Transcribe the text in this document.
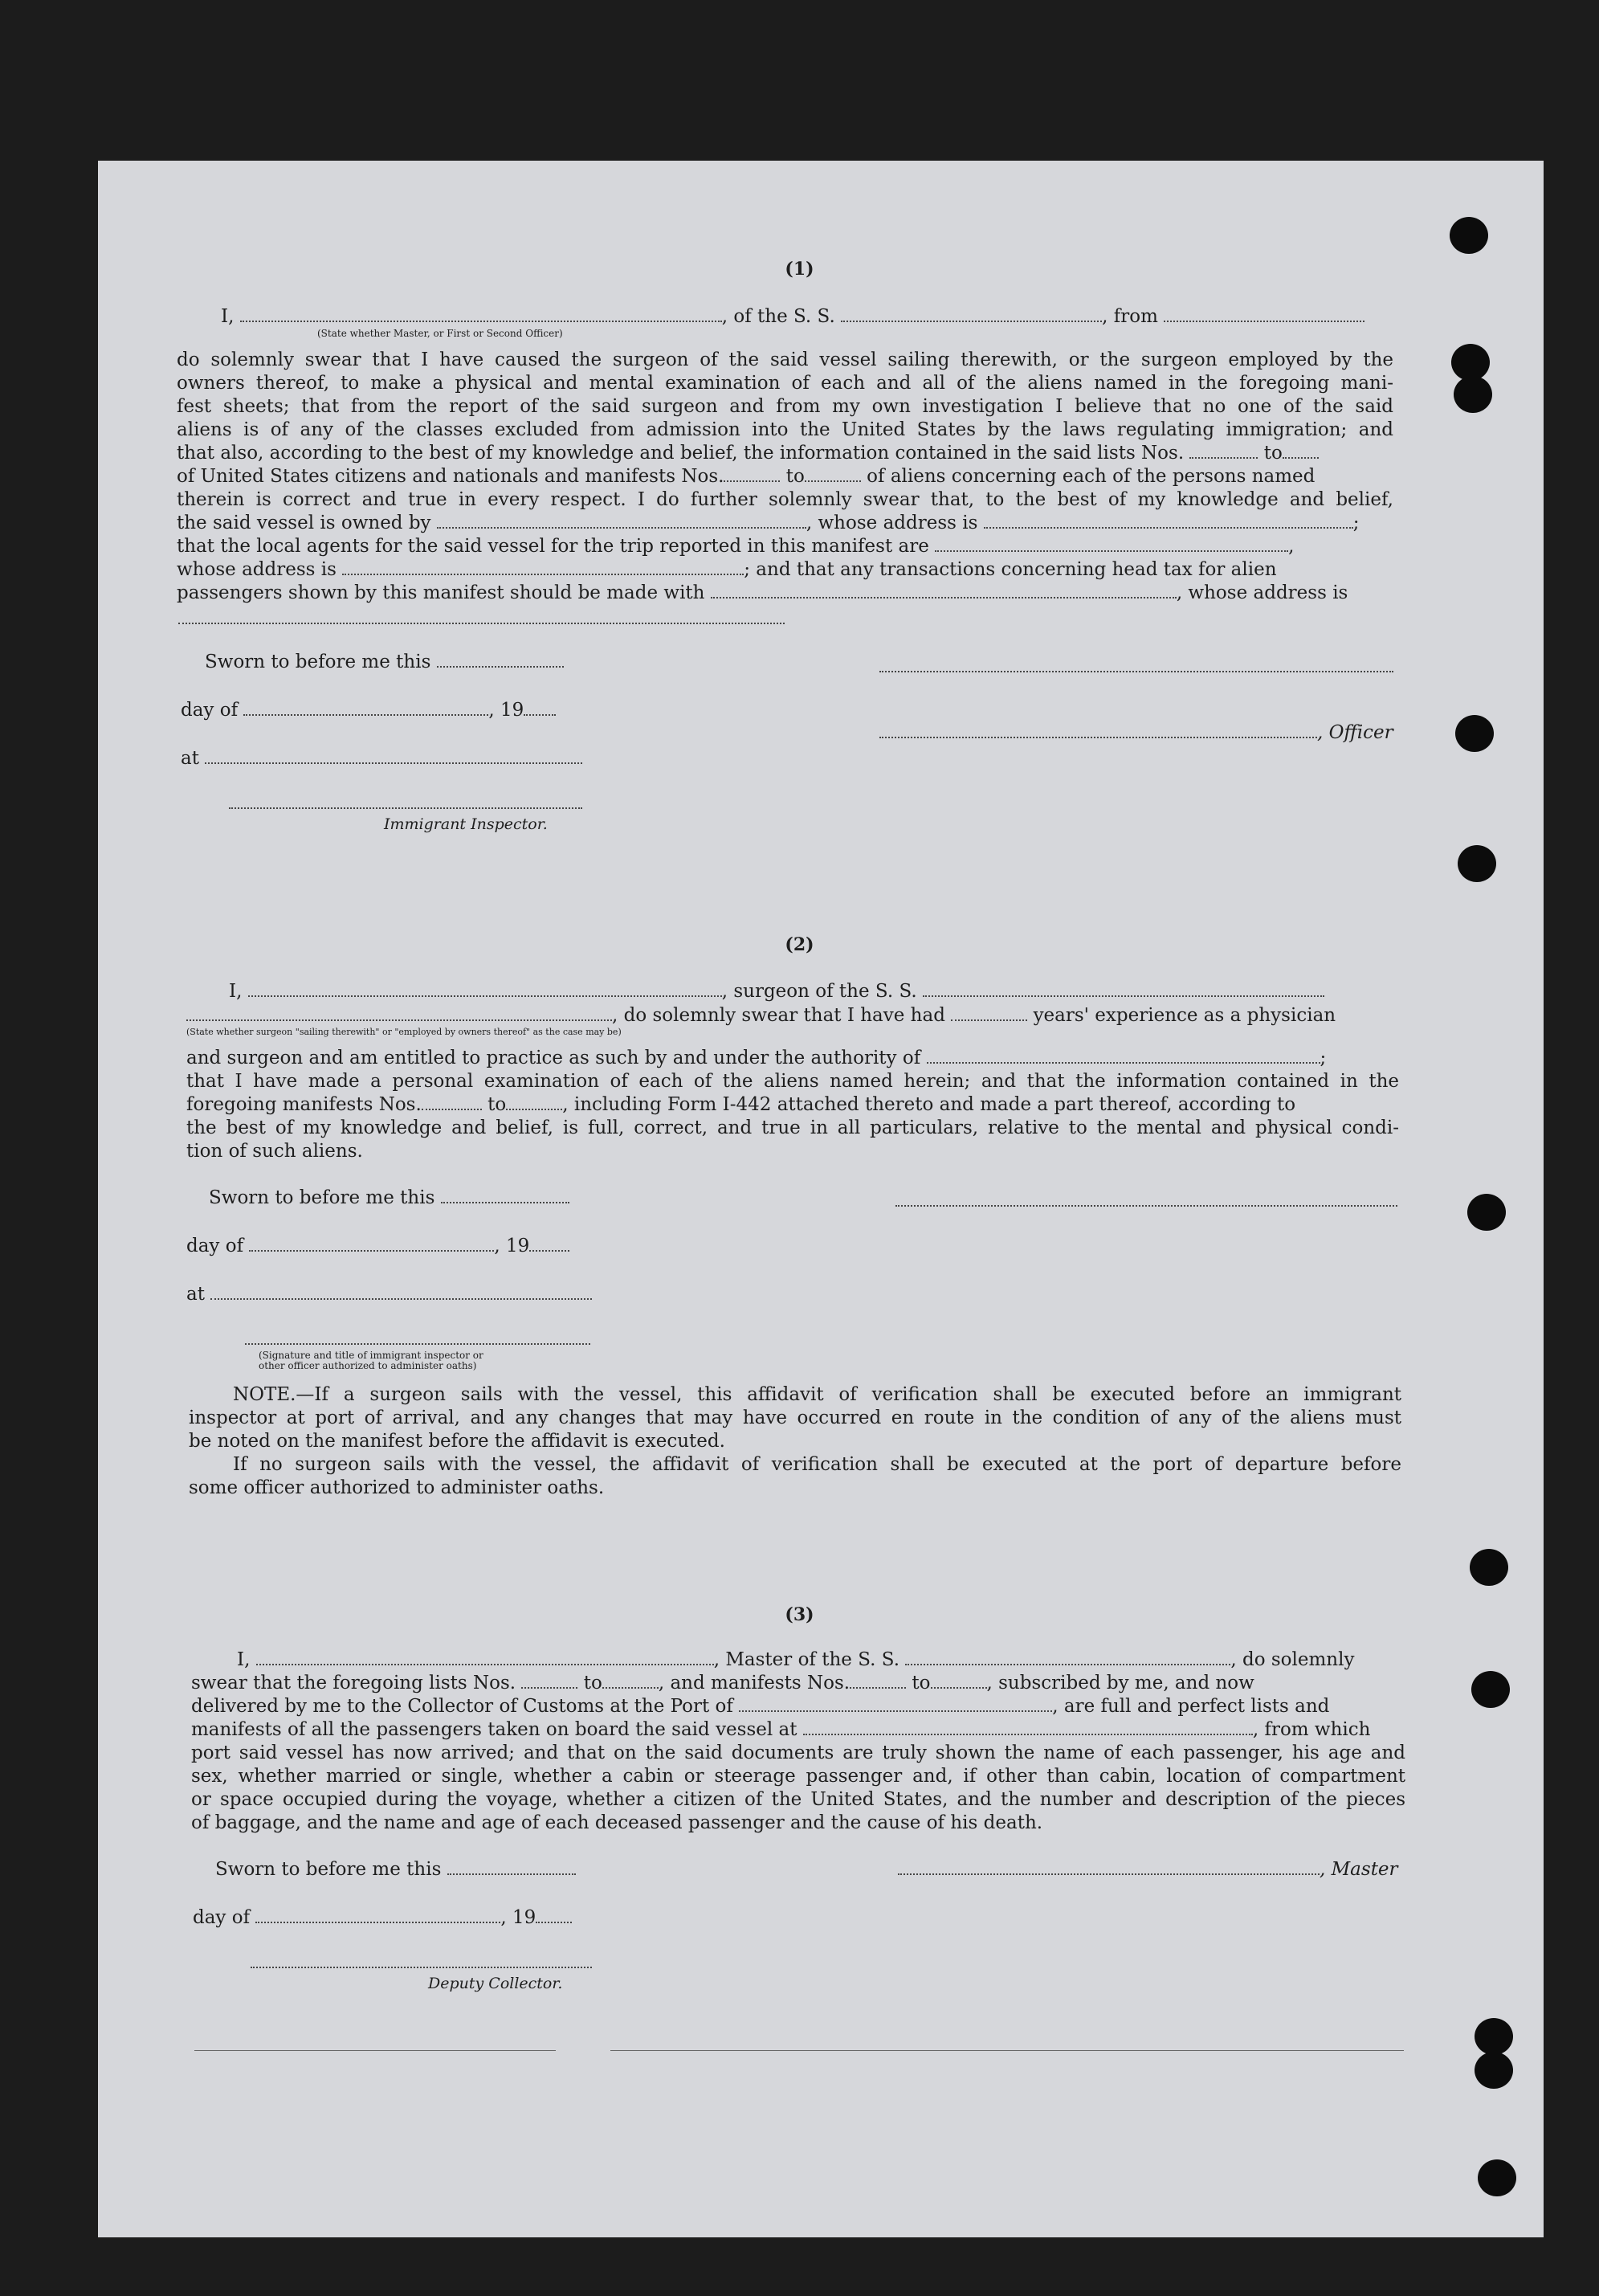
(1)
I,	, of the S. S.	, from
(State whether Master, or First or Second Officer)
do solemnly swear that I have caused the surgeon of the said vessel sailing therewith, or the surgeon employed by the
owners thereof, to make a physical and mental examination of each and all of the aliens named in the foregoing mani-
fest sheets; that from the report of the said surgeon and from my own investigation I believe that no one of the said
aliens is of any of the classes excluded from admission into the United States by the laws regulating immigration; and
that also, according to the best of my knowledge and belief, the information contained in the said lists Nos.	to
of United States citizens and nationals and manifests Nos.	to	of aliens concerning each of the persons named
therein is correct and true in every respect. I do further solemnly swear that, to the best of my knowledge and belief,
the said vessel is owned by	, whose address is	;
that the local agents for the said vessel for the trip reported in this manifest are	,
whose address is	; and that any transactions concerning head tax for alien
passengers shown by this manifest should be made with	, whose address is
Sworn to before me this
day of	, 19
at
Immigrant Inspector.
, Officer
(2)
I,	, surgeon of the S. S.
, do solemnly swear that I have had	years' experience as a physician
(State whether surgeon "sailing therewith" or "employed by owners thereof" as the case may be)
and surgeon and am entitled to practice as such by and under the authority of	;
that I have made a personal examination of each of the aliens named herein; and that the information contained in the
foregoing manifests Nos.	to	, including Form I-442 attached thereto and made a part thereof, according to
the best of my knowledge and belief, is full, correct, and true in all particulars, relative to the mental and physical condi-
tion of such aliens.
Sworn to before me this
day of	, 19
at
(Signature and title of immigrant inspector or
other officer authorized to administer oaths)
NOTE.—If a surgeon sails with the vessel, this affidavit of verification shall be executed before an immigrant
inspector at port of arrival, and any changes that may have occurred en route in the condition of any of the aliens must
be noted on the manifest before the affidavit is executed.
If no surgeon sails with the vessel, the affidavit of verification shall be executed at the port of departure before
some officer authorized to administer oaths.
(3)
I,	, Master of the S. S.	, do solemnly
swear that the foregoing lists Nos.	to	, and manifests Nos.	to	, subscribed by me, and now
delivered by me to the Collector of Customs at the Port of	, are full and perfect lists and
manifests of all the passengers taken on board the said vessel at	, from which
port said vessel has now arrived; and that on the said documents are truly shown the name of each passenger, his age and
sex, whether married or single, whether a cabin or steerage passenger and, if other than cabin, location of compartment
or space occupied during the voyage, whether a citizen of the United States, and the number and description of the pieces
of baggage, and the name and age of each deceased passenger and the cause of his death.
Sworn to before me this	, Master
day of	, 19
Deputy Collector.
